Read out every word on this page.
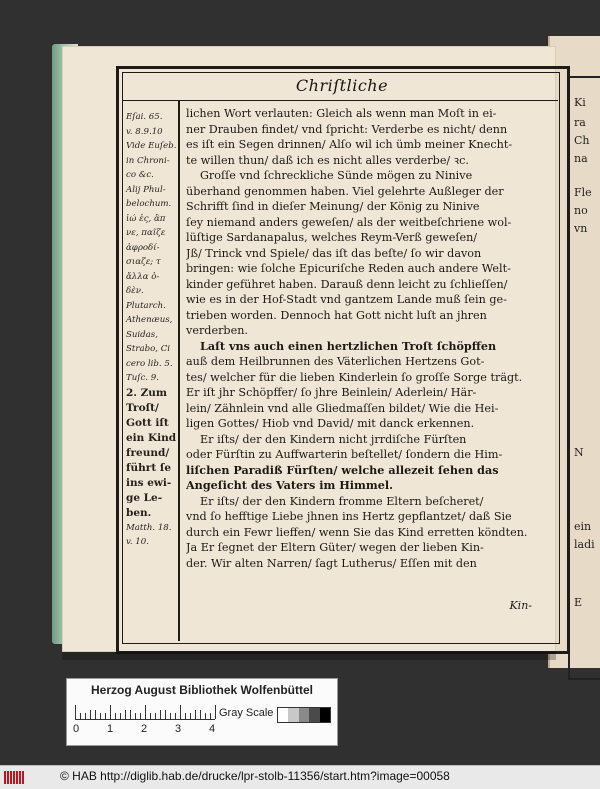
Ki
ra
Ch
na
Fle
no
vn
N
ein
ladi
E
Chriſtliche
Eſai. 65.
v. 8.9.10
Vide Euſeb.
in Chroni-
co &c.
Alij Phul-
belochum.
ἰώ ἐς, ἂπ
νε, παῖζε
ἀφροδί-
σιαζε; τ
ἄλλα ὁ-
δὲν.
Plutarch.
Athenæus,
Suidas,
Strabo, Ci
cero lib. 5.
Tuſc. 9.
2. Zum
Troſt/
Gott iſt
ein Kind
freund/
führt ſe
ins ewi-
ge Le-
ben.
Matth. 18.
v. 10.
lichen Wort verlauten: Gleich als wenn man Moſt in ei-
ner Drauben findet/ vnd ſpricht: Verderbe es nicht/ denn
es iſt ein Segen drinnen/ Alſo wil ich ümb meiner Knecht-
te willen thun/ daß ich es nicht alles verderbe/ ꝛc.
Groſſe vnd ſchreckliche Sünde mögen zu Ninive
überhand genommen haben. Viel gelehrte Außleger der
Schrifft ſind in dieſer Meinung/ der König zu Ninive
ſey niemand anders geweſen/ als der weitbeſchriene wol-
lüſtige Sardanapalus, welches Reym-Verß geweſen/
Jß/ Trinck vnd Spiele/ das iſt das beſte/ ſo wir davon
bringen: wie ſolche Epicuriſche Reden auch andere Welt-
kinder geführet haben. Darauß denn leicht zu ſchlieſſen/
wie es in der Hof-Stadt vnd gantzem Lande muß ſein ge-
trieben worden. Dennoch hat Gott nicht luſt an jhren
verderben.
Laſt vns auch einen hertzlichen Troſt ſchöpffen
auß dem Heilbrunnen des Väterlichen Hertzens Got-
tes/ welcher für die lieben Kinderlein ſo groſſe Sorge trägt.
Er iſt jhr Schöpffer/ ſo jhre Beinlein/ Aderlein/ Här-
lein/ Zähnlein vnd alle Gliedmaſſen bildet/ Wie die Hei-
ligen Gottes/ Hiob vnd David/ mit danck erkennen.
Er iſts/ der den Kindern nicht jrrdiſche Fürſten
oder Fürſtin zu Auffwarterin beſtellet/ ſondern die Him-
liſchen Paradiß Fürſten/ welche allezeit ſehen das
Angeſicht des Vaters im Himmel.
Er iſts/ der den Kindern fromme Eltern beſcheret/
vnd ſo hefftige Liebe jhnen ins Hertz gepflantzet/ daß Sie
durch ein Fewr lieffen/ wenn Sie das Kind erretten köndten.
Ja Er ſegnet der Eltern Güter/ wegen der lieben Kin-
der. Wir alten Narren/ ſagt Lutherus/ Eſſen mit den
Kin-
Herzog August Bibliothek Wolfenbüttel
0	1	2	3	4
Gray Scale
© HAB http://diglib.hab.de/drucke/lpr-stolb-11356/start.htm?image=00058
